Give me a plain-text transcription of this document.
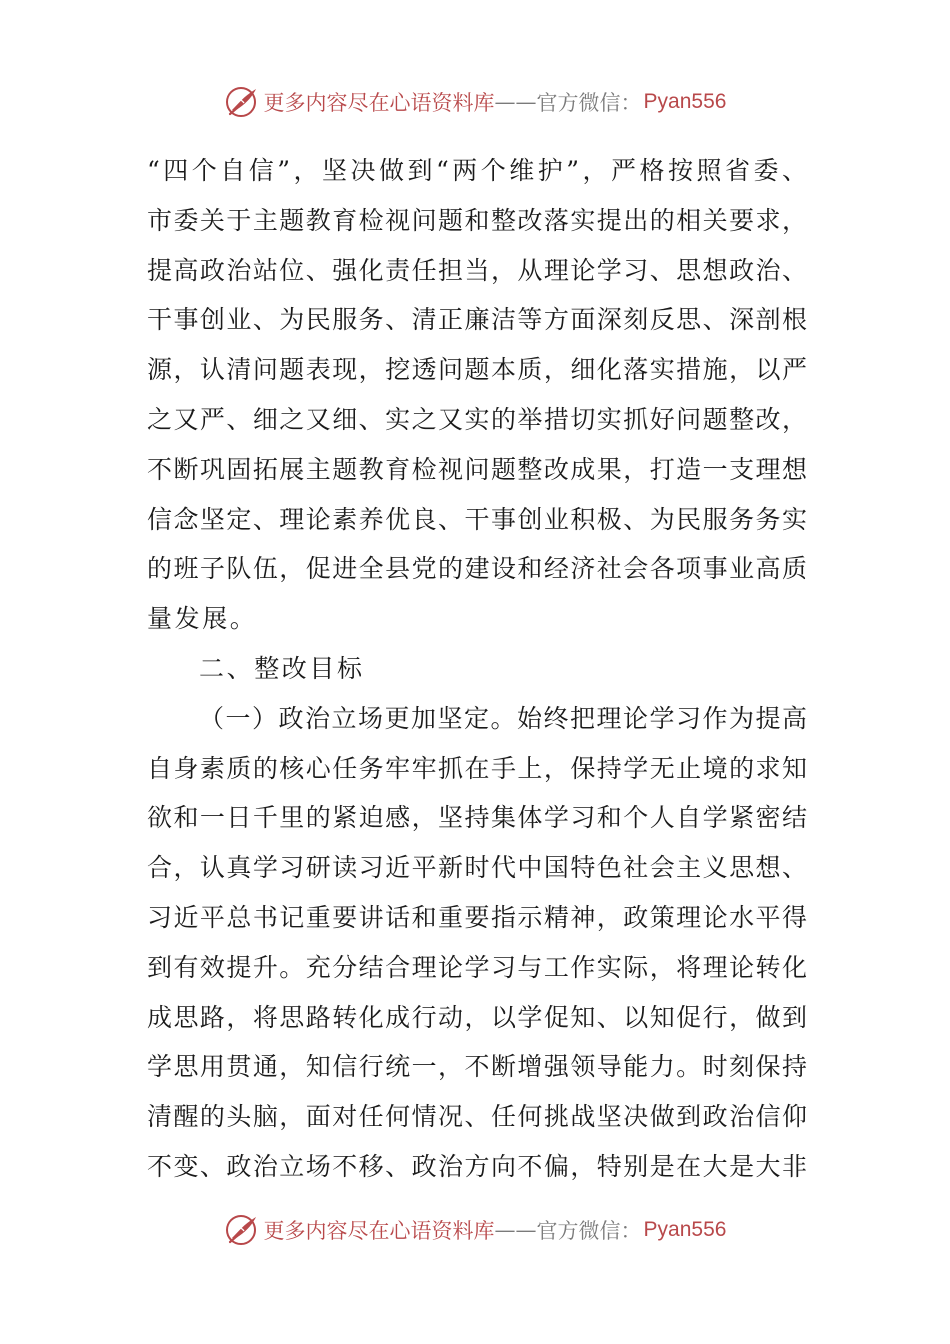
更多内容尽在心语资料库 —— 官方微信： Pyan556
“四个自信”，坚决做到“两个维护”，严格按照省委、
市委关于主题教育检视问题和整改落实提出的相关要求，
提高政治站位、强化责任担当，从理论学习、思想政治、
干事创业、为民服务、清正廉洁等方面深刻反思、深剖根
源，认清问题表现，挖透问题本质，细化落实措施，以严
之又严、细之又细、实之又实的举措切实抓好问题整改，
不断巩固拓展主题教育检视问题整改成果，打造一支理想
信念坚定、理论素养优良、干事创业积极、为民服务务实
的班子队伍，促进全县党的建设和经济社会各项事业高质
量发展。
二、整改目标
（一）政治立场更加坚定。始终把理论学习作为提高
自身素质的核心任务牢牢抓在手上，保持学无止境的求知
欲和一日千里的紧迫感，坚持集体学习和个人自学紧密结
合，认真学习研读习近平新时代中国特色社会主义思想、
习近平总书记重要讲话和重要指示精神，政策理论水平得
到有效提升。充分结合理论学习与工作实际，将理论转化
成思路，将思路转化成行动，以学促知、以知促行，做到
学思用贯通，知信行统一，不断增强领导能力。时刻保持
清醒的头脑，面对任何情况、任何挑战坚决做到政治信仰
不变、政治立场不移、政治方向不偏，特别是在大是大非
更多内容尽在心语资料库 —— 官方微信： Pyan556
